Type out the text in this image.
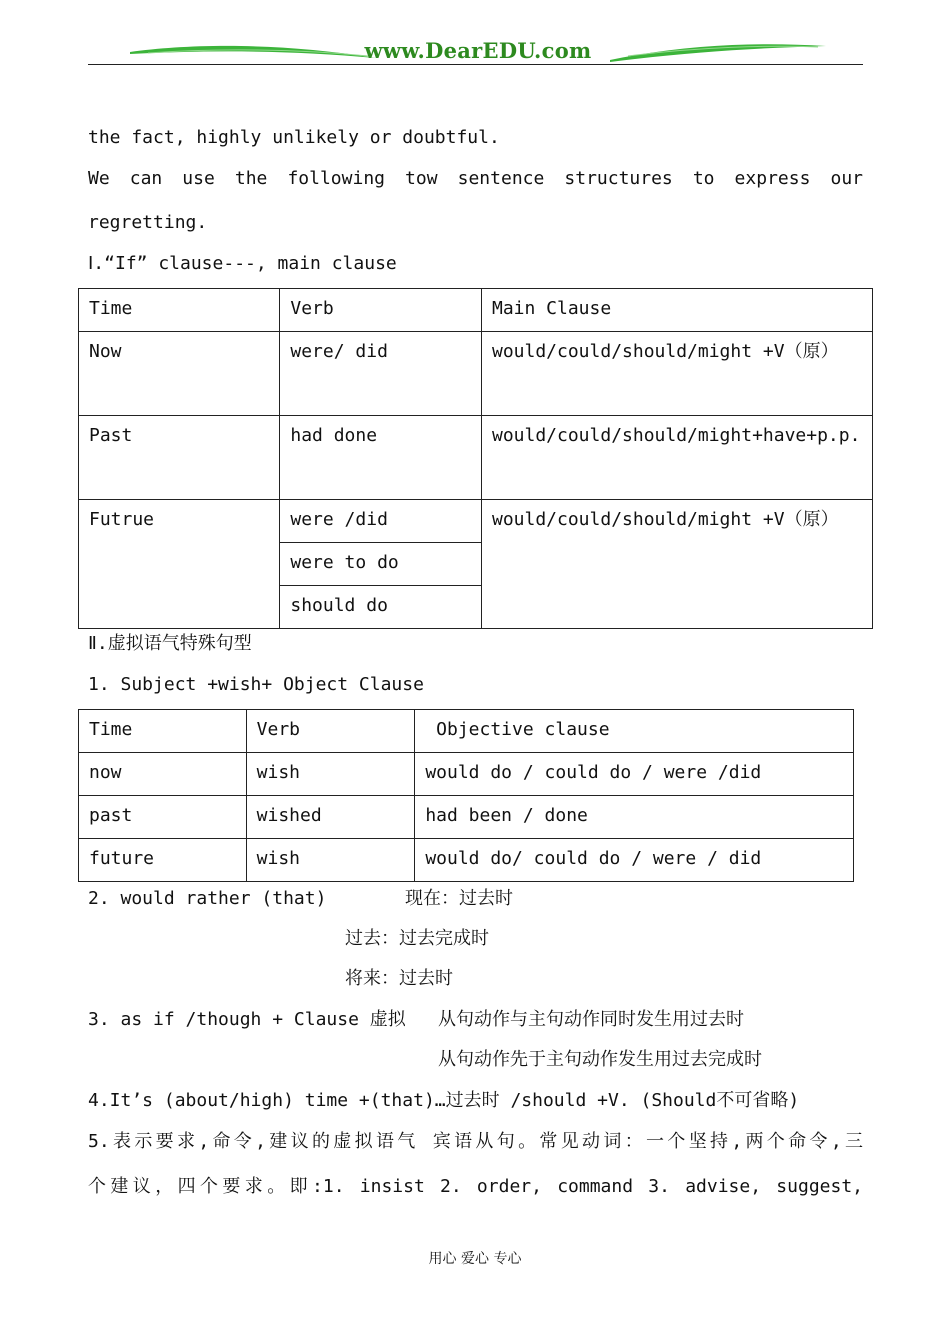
www.DearEDU.com
the fact, highly unlikely or doubtful.
We can use the following tow sentence structures to express our
regretting.
Ⅰ.“If” clause---, main clause
Time	Verb	Main Clause
Now	were/ did	would/could/should/might +V（原）
Past	had done	would/could/should/might+have+p.p.
Futrue	were /did	would/could/should/might +V（原）
	were to do	
	should do	
Ⅱ.虚拟语气特殊句型
1. Subject +wish+ Object Clause
Time	Verb	Objective clause
now	wish	would do / could do / were /did
past	wished	had been / done
future	wish	would do/ could do / were / did
2. would rather (that)	现在：过去时
过去：过去完成时
将来：过去时
3. as if /though + Clause 虚拟 从句动作与主句动作同时发生用过去时
从句动作先于主句动作发生用过去完成时
4.It’s (about/high) time +(that)…过去时 /should +V. (Should不可省略)
5.表示要求,命令,建议的虚拟语气 宾语从句。常见动词：一个坚持,两个命令,三
个建议，四个要求。即:1. insist 2. order, command 3. advise, suggest,
用心 爱心 专心
